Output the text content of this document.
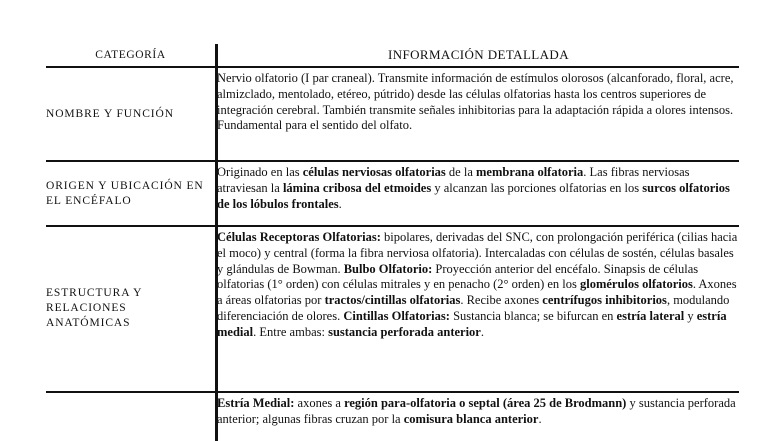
CATEGORÍA	INFORMACIÓN DETALLADA
NOMBRE Y FUNCIÓN

Nervio olfatorio (I par craneal). Transmite información de estímulos olorosos (alcanforado, floral, acre, almizclado, mentolado, etéreo, pútrido) desde las células olfatorias hasta los centros superiores de integración cerebral. También transmite señales inhibitorias para la adaptación rápida a olores intensos. Fundamental para el sentido del olfato.

ORIGEN Y UBICACIÓN EN EL ENCÉFALO

Originado en las células nerviosas olfatorias de la membrana olfatoria. Las fibras nerviosas atraviesan la lámina cribosa del etmoides y alcanzan las porciones olfatorias en los surcos olfatorios de los lóbulos frontales.

ESTRUCTURA Y RELACIONES ANATÓMICAS

Células Receptoras Olfatorias: bipolares, derivadas del SNC, con prolongación periférica (cilias hacia el moco) y central (forma la fibra nerviosa olfatoria). Intercaladas con células de sostén, células basales y glándulas de Bowman. Bulbo Olfatorio: Proyección anterior del encéfalo. Sinapsis de células olfatorias (1° orden) con células mitrales y en penacho (2° orden) en los glomérulos olfatorios. Axones a áreas olfatorias por tractos/cintillas olfatorias. Recibe axones centrífugos inhibitorios, modulando diferenciación de olores. Cintillas Olfatorias: Sustancia blanca; se bifurcan en estría lateral y estría medial. Entre ambas: sustancia perforada anterior.

Estría Medial: axones a región para-olfatoria o septal (área 25 de Brodmann) y sustancia perforada anterior; algunas fibras cruzan por la comisura blanca anterior.
